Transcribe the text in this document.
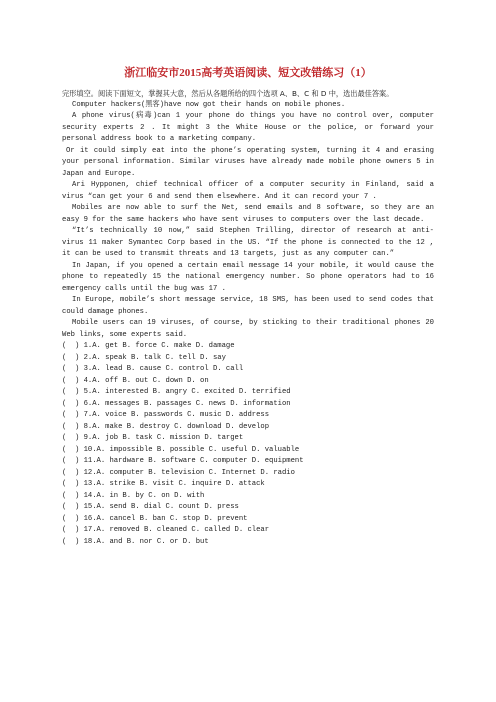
浙江临安市2015高考英语阅读、短文改错练习（1）

完形填空。阅读下面短文，掌握其大意，然后从各题所给的四个选项 A、B、C 和 D 中，选出最佳答案。

Computer hackers(黑客)have now got their hands on mobile phones.

A phone virus(病毒)can 1 your phone do things you have no control over, computer security experts 2 . It might 3 the White House or the police, or forward your personal address book to a marketing company.

Or it could simply eat into the phone’s operating system, turning it 4 and erasing your personal information. Similar viruses have already made mobile phone owners 5 in Japan and Europe.

Ari Hypponen, chief technical officer of a computer security in Finland, said a virus “can get your 6 and send them elsewhere. And it can record your 7 .

Mobiles are now able to surf the Net, send emails and 8 software, so they are an easy 9 for the same hackers who have sent viruses to computers over the last decade.

“It’s technically 10 now,” said Stephen Trilling, director of research at anti-virus 11 maker Symantec Corp based in the US. “If the phone is connected to the 12 , it can be used to transmit threats and 13 targets, just as any computer can.”

In Japan, if you opened a certain email message 14 your mobile, it would cause the phone to repeatedly 15 the national emergency number. So phone operators had to 16 emergency calls until the bug was 17 .

In Europe, mobile’s short message service, 18 SMS, has been used to send codes that could damage phones.

Mobile users can 19 viruses, of course, by sticking to their traditional phones 20 Web links, some experts said.

(  ) 1.A. get B. force C. make D. damage

(  ) 2.A. speak B. talk C. tell D. say

(  ) 3.A. lead B. cause C. control D. call

(  ) 4.A. off B. out C. down D. on

(  ) 5.A. interested B. angry C. excited D. terrified

(  ) 6.A. messages B. passages C. news D. information

(  ) 7.A. voice B. passwords C. music D. address

(  ) 8.A. make B. destroy C. download D. develop

(  ) 9.A. job B. task C. mission D. target

(  ) 10.A. impossible B. possible C. useful D. valuable

(  ) 11.A. hardware B. software C. computer D. equipment

(  ) 12.A. computer B. television C. Internet D. radio

(  ) 13.A. strike B. visit C. inquire D. attack

(  ) 14.A. in B. by C. on D. with

(  ) 15.A. send B. dial C. count D. press

(  ) 16.A. cancel B. ban C. stop D. prevent

(  ) 17.A. removed B. cleaned C. called D. clear

(  ) 18.A. and B. nor C. or D. but
